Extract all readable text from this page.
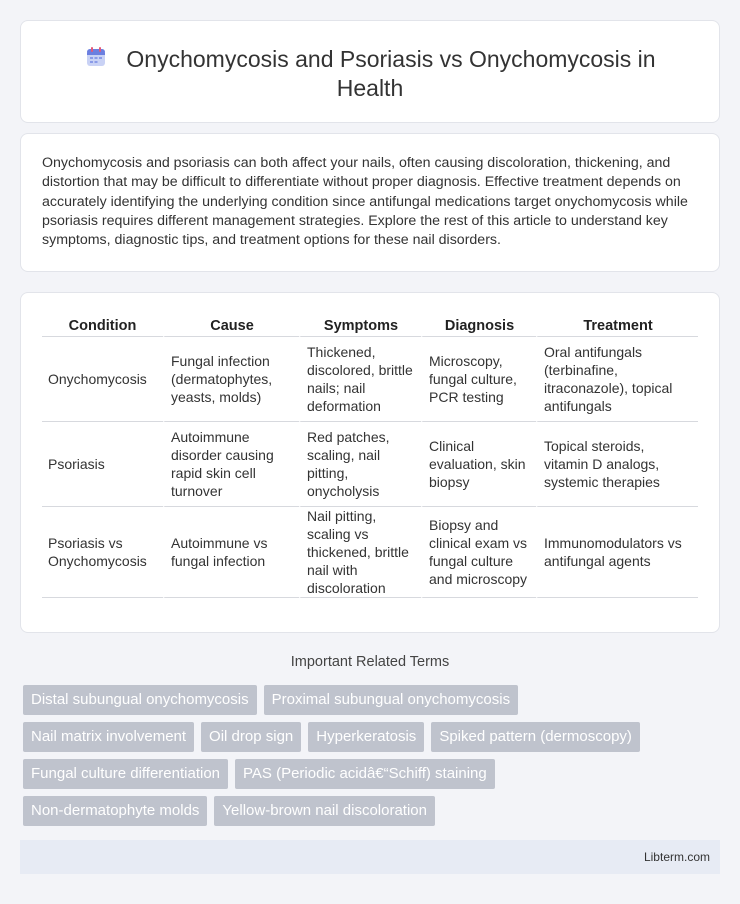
Onychomycosis and Psoriasis vs Onychomycosis in Health

Onychomycosis and psoriasis can both affect your nails, often causing discoloration, thickening, and distortion that may be difficult to differentiate without proper diagnosis. Effective treatment depends on accurately identifying the underlying condition since antifungal medications target onychomycosis while psoriasis requires different management strategies. Explore the rest of this article to understand key symptoms, diagnostic tips, and treatment options for these nail disorders.

Condition	Cause	Symptoms	Diagnosis	Treatment
Onychomycosis	Fungal infection (dermatophytes, yeasts, molds)	Thickened, discolored, brittle nails; nail deformation	Microscopy, fungal culture, PCR testing	Oral antifungals (terbinafine, itraconazole), topical antifungals
Psoriasis	Autoimmune disorder causing rapid skin cell turnover	Red patches, scaling, nail pitting, onycholysis	Clinical evaluation, skin biopsy	Topical steroids, vitamin D analogs, systemic therapies
Psoriasis vs Onychomycosis	Autoimmune vs fungal infection	Nail pitting, scaling vs thickened, brittle nail with discoloration	Biopsy and clinical exam vs fungal culture and microscopy	Immunomodulators vs antifungal agents
Important Related Terms
Distal subungual onychomycosis Proximal subungual onychomycosis
Nail matrix involvement Oil drop sign Hyperkeratosis Spiked pattern (dermoscopy)
Fungal culture differentiation PAS (Periodic acidâ€“Schiff) staining
Non-dermatophyte molds Yellow-brown nail discoloration
Libterm.com
